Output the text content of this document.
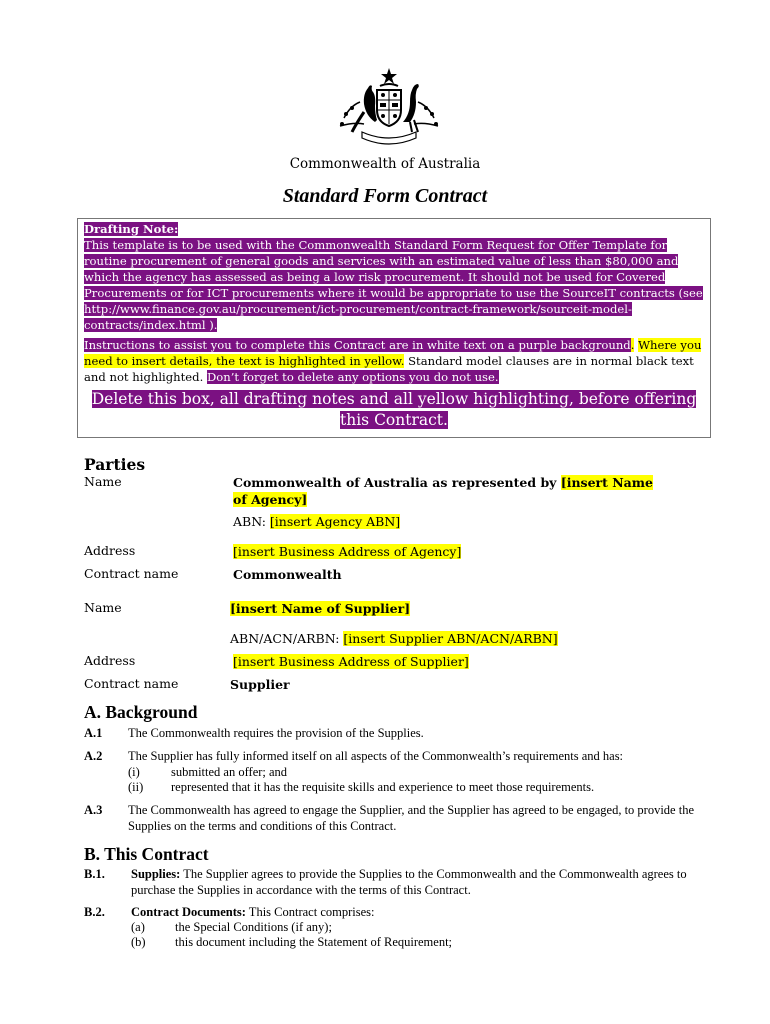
Commonwealth of Australia
Standard Form Contract

Drafting Note:
This template is to be used with the Commonwealth Standard Form Request for Offer Template for routine procurement of general goods and services with an estimated value of less than $80,000 and which the agency has assessed as being a low risk procurement. It should not be used for Covered Procurements or for ICT procurements where it would be appropriate to use the SourceIT contracts (see http://www.finance.gov.au/procurement/ict-procurement/contract-framework/sourceit-model-contracts/index.html ).

Instructions to assist you to complete this Contract are in white text on a purple background. Where you need to insert details, the text is highlighted in yellow. Standard model clauses are in normal black text and not highlighted. Don’t forget to delete any options you do not use.

Delete this box, all drafting notes and all yellow highlighting, before offering this Contract.
Parties
Name	Commonwealth of Australia as represented by [insert Name of Agency]
ABN: [insert Agency ABN]
Address	[insert Business Address of Agency]
Contract name	Commonwealth
Name	[insert Name of Supplier]
ABN/ACN/ARBN: [insert Supplier ABN/ACN/ARBN]
Address	[insert Business Address of Supplier]
Contract name	Supplier
A. Background
A.1 The Commonwealth requires the provision of the Supplies.
A.2 The Supplier has fully informed itself on all aspects of the Commonwealth’s requirements and has:
(i) submitted an offer; and
(ii) represented that it has the requisite skills and experience to meet those requirements.
A.3 The Commonwealth has agreed to engage the Supplier, and the Supplier has agreed to be engaged, to provide the Supplies on the terms and conditions of this Contract.
B. This Contract
B.1. Supplies: The Supplier agrees to provide the Supplies to the Commonwealth and the Commonwealth agrees to purchase the Supplies in accordance with the terms of this Contract.
B.2. Contract Documents: This Contract comprises:
(a) the Special Conditions (if any);
(b) this document including the Statement of Requirement;
